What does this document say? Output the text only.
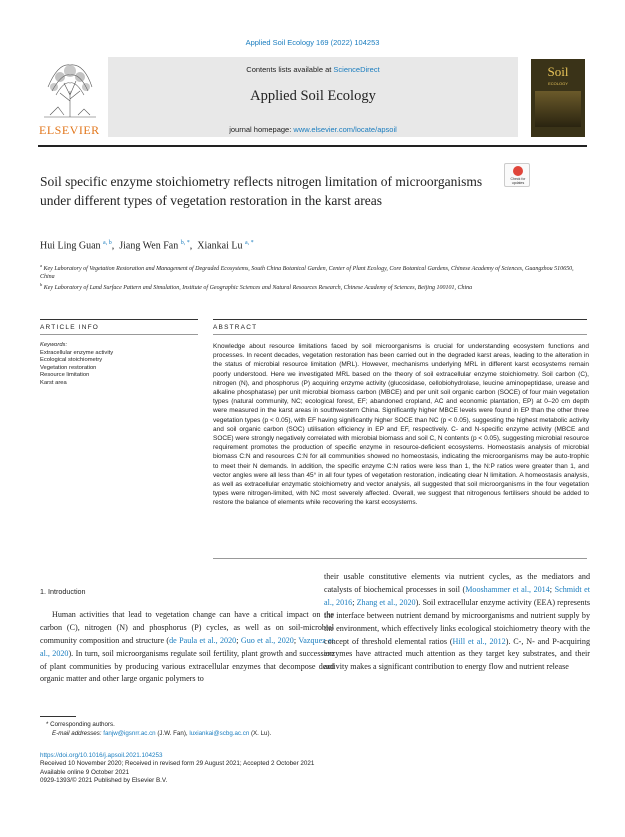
Applied Soil Ecology 169 (2022) 104253
ELSEVIER
Contents lists available at ScienceDirect
Applied Soil Ecology
journal homepage: www.elsevier.com/locate/apsoil
Soil
ECOLOGY
Soil specific enzyme stoichiometry reflects nitrogen limitation of microorganisms under different types of vegetation restoration in the karst areas
Check for updates
Hui Ling Guan $^{a, b}$,  Jiang Wen Fan $^{b, *}$,  Xiankai Lu $^{a, *}$
$^a$ Key Laboratory of Vegetation Restoration and Management of Degraded Ecosystems, South China Botanical Garden, Center of Plant Ecology, Core Botanical Gardens, Chinese Academy of Sciences, Guangzhou 510650, China
$^b$ Key Laboratory of Land Surface Pattern and Simulation, Institute of Geographic Sciences and Natural Resources Research, Chinese Academy of Sciences, Beijing 100101, China
ARTICLE INFO	ABSTRACT
Keywords:
Extracellular enzyme activity
Ecological stoichiometry
Vegetation restoration
Resource limitation
Karst area
Knowledge about resource limitations faced by soil microorganisms is crucial for understanding ecosystem functions and processes. In recent decades, vegetation restoration has been carried out in the degraded karst areas, leading to the alteration in the status of microbial resource limitation (MRL). However, mechanisms underlying MRL in different karst ecosystems remain poorly understood. Here we investigated MRL based on the theory of soil extracellular enzyme stoichiometry. Soil carbon (C), nitrogen (N), and phosphorus (P) acquiring enzyme activity (glucosidase, cellobiohydrolase, leucine aminopeptidase, urease and alkaline phosphatase) per unit microbial biomass carbon (MBCE) and per unit soil organic carbon (SOCE) of four main vegetation types (natural community, NC; ecological forest, EF; abandoned cropland, AC and economic plantation, EP) at 0–20 cm depth were measured in the karst areas in southwestern China. Significantly higher MBCE levels were found in EP than the other three vegetation types (p < 0.05), with EF having significantly higher SOCE than NC (p < 0.05), suggesting the highest metabolic activity and soil organic carbon (SOC) utilisation efficiency in EP and EF, respectively. C- and N-specific enzyme activity (MBCE and SOCE) were strongly negatively correlated with microbial biomass and soil C, N contents (p < 0.05), suggesting microbial resource requirement promotes the production of specific enzyme in resource-deficient ecosystems. Homeostasis analysis of microbial biomass C:N and resources C:N for all communities showed no homeostasis, indicating the microorganisms may be auto-trophic to meet their N demands. In addition, the specific enzyme C:N ratios were less than 1, the N:P ratios were greater than 1, and vector angles were all less than 45° in all four types of vegetation restoration, indicating clear N limitation. A homeostasis analysis, as well as extracellular enzymatic stoichiometry and vector analysis, all suggested that soil microorganisms in the four vegetation types were nitrogen-limited, with NC most severely affected. Overall, we suggest that nitrogenous fertilisers should be added to restore the balance of elements while recovering the karst ecosystems.
1. Introduction
Human activities that lead to vegetation change can have a critical impact on the carbon (C), nitrogen (N) and phosphorus (P) cycles, as well as on soil-microbial community composition and structure (de Paula et al., 2020; Guo et al., 2020; Vazquez et al., 2020). In turn, soil microorganisms regulate soil fertility, plant growth and succession of plant communities by producing various extracellular enzymes that decompose dead organic matter and other large organic polymers to
their usable constitutive elements via nutrient cycles, as the mediators and catalysts of biochemical processes in soil (Mooshammer et al., 2014; Schmidt et al., 2016; Zhang et al., 2020). Soil extracellular enzyme activity (EEA) represents the interface between nutrient demand by microorganisms and nutrient supply by the environment, which effectively links ecological stoichiometry theory with the concept of threshold elemental ratios (Hill et al., 2012). C-, N- and P-acquiring enzymes have attracted much attention as they target key substrates, and their activity makes a significant contribution to energy flow and nutrient release
* Corresponding authors.
E-mail addresses: fanjw@igsnrr.ac.cn (J.W. Fan), luxiankai@scbg.ac.cn (X. Lu).
https://doi.org/10.1016/j.apsoil.2021.104253
Received 10 November 2020; Received in revised form 29 August 2021; Accepted 2 October 2021
Available online 9 October 2021
0929-1393/© 2021 Published by Elsevier B.V.
